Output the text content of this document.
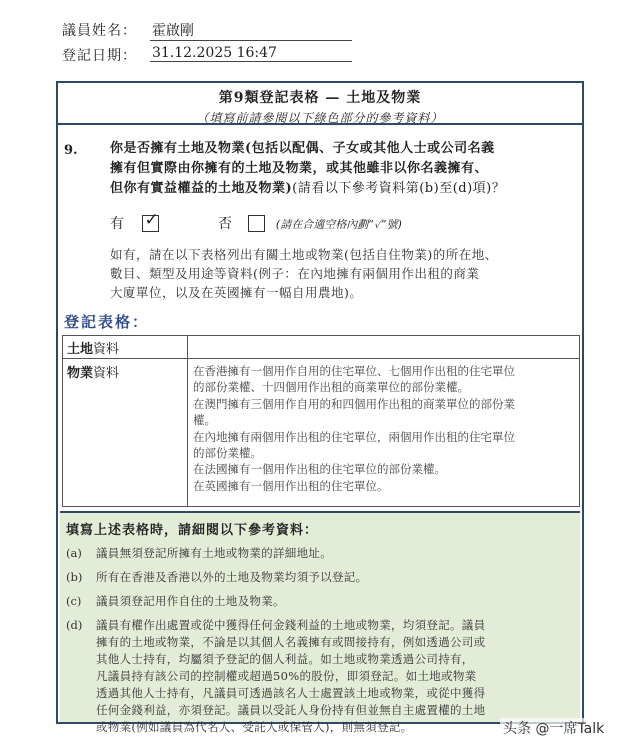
議員姓名： 霍啟剛
登記日期： 31.12.2025 16:47
第9類登記表格 — 土地及物業
（填寫前請參閱以下綠色部分的參考資料）
9. 你是否擁有土地及物業(包括以配偶、子女或其他人士或公司名義
擁有但實際由你擁有的土地及物業，或其他雖非以你名義擁有、
但你有實益權益的土地及物業)(請看以下參考資料第(b)至(d)項)？
有 ✓	否	(請在合適空格內劃“✓”號)
如有，請在以下表格列出有關土地或物業(包括自住物業)的所在地、
數目、類型及用途等資料(例子：在內地擁有兩個用作出租的商業
大廈單位，以及在英國擁有一幅自用農地)。
登記表格：
土地資料
物業資料	在香港擁有一個用作自用的住宅單位、七個用作出租的住宅單位
的部份業權、十四個用作出租的商業單位的部份業權。
在澳門擁有三個用作自用的和四個用作出租的商業單位的部份業
權。
在內地擁有兩個用作出租的住宅單位，兩個用作出租的住宅單位
的部份業權。
在法國擁有一個用作出租的住宅單位的部份業權。
在英國擁有一個用作出租的住宅單位。
填寫上述表格時，請細閱以下參考資料：
(a) 議員無須登記所擁有土地或物業的詳細地址。
(b) 所有在香港及香港以外的土地及物業均須予以登記。
(c) 議員須登記用作自住的土地及物業。
(d) 議員有權作出處置或從中獲得任何金錢利益的土地或物業，均須登記。議員
擁有的土地或物業，不論是以其個人名義擁有或間接持有，例如透過公司或
其他人士持有，均屬須予登記的個人利益。如土地或物業透過公司持有，
凡議員持有該公司的控制權或超過50%的股份，即須登記。如土地或物業
透過其他人士持有，凡議員可透過該名人士處置該土地或物業，或從中獲得
任何金錢利益，亦須登記。議員以受託人身份持有但並無自主處置權的土地
或物業(例如議員為代名人、受託人或保管人)，則無須登記。	头条 @一席Talk
